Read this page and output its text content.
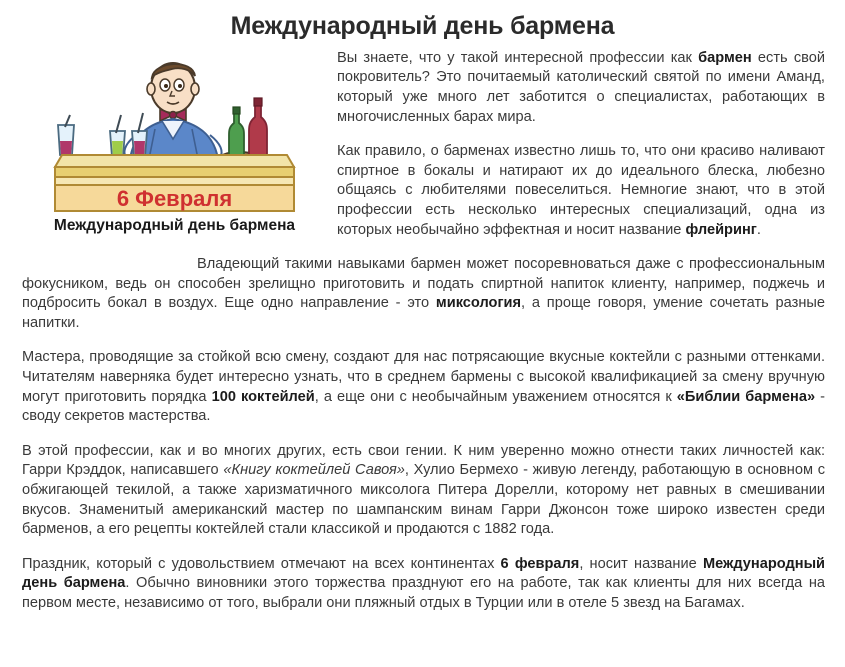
Международный день бармена
6 Февраля
Международный день бармена

Вы знаете, что у такой интересной профессии как бармен есть свой покровитель? Это почитаемый католический святой по имени Аманд, который уже много лет заботится о специалистах, работающих в многочисленных барах мира.

Как правило, о барменах известно лишь то, что они красиво наливают спиртное в бокалы и натирают их до идеального блеска, любезно общаясь с любителями повеселиться. Немногие знают, что в этой профессии есть несколько интересных специализаций, одна из которых необычайно эффектная и носит название флейринг.

Владеющий такими навыками бармен может посоревноваться даже с профессиональным фокусником, ведь он способен зрелищно приготовить и подать спиртной напиток клиенту, например, поджечь и подбросить бокал в воздух. Еще одно направление - это миксология, а проще говоря, умение сочетать разные напитки.

Мастера, проводящие за стойкой всю смену, создают для нас потрясающие вкусные коктейли с разными оттенками. Читателям наверняка будет интересно узнать, что в среднем бармены с высокой квалификацией за смену вручную могут приготовить порядка 100 коктейлей, а еще они с необычайным уважением относятся к «Библии бармена» - своду секретов мастерства.

В этой профессии, как и во многих других, есть свои гении. К ним уверенно можно отнести таких личностей как: Гарри Крэддок, написавшего «Книгу коктейлей Савоя», Хулио Бермехо - живую легенду, работающую в основном с обжигающей текилой, а также харизматичного миксолога Питера Дорелли, которому нет равных в смешивании вкусов. Знаменитый американский мастер по шампанским винам Гарри Джонсон тоже широко известен среди барменов, а его рецепты коктейлей стали классикой и продаются с 1882 года.

Праздник, который с удовольствием отмечают на всех континентах 6 февраля, носит название Международный день бармена. Обычно виновники этого торжества празднуют его на работе, так как клиенты для них всегда на первом месте, независимо от того, выбрали они пляжный отдых в Турции или в отеле 5 звезд на Багамах.
